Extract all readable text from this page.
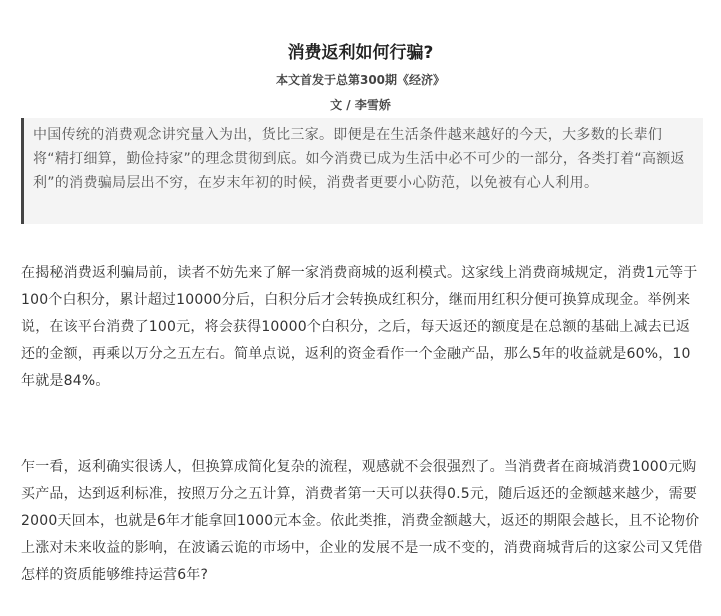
消费返利如何行骗?
本文首发于总第300期《经济》
文 / 李雪娇
中国传统的消费观念讲究量入为出，货比三家。即便是在生活条件越来越好的今天，大多数的长辈们将“精打细算，勤俭持家”的理念贯彻到底。如今消费已成为生活中必不可少的一部分，各类打着“高额返利”的消费骗局层出不穷，在岁末年初的时候，消费者更要小心防范，以免被有心人利用。

在揭秘消费返利骗局前，读者不妨先来了解一家消费商城的返利模式。这家线上消费商城规定，消费1元等于100个白积分，累计超过10000分后，白积分后才会转换成红积分，继而用红积分便可换算成现金。举例来说，在该平台消费了100元，将会获得10000个白积分，之后，每天返还的额度是在总额的基础上减去已返还的金额，再乘以万分之五左右。简单点说，返利的资金看作一个金融产品，那么5年的收益就是60%，10年就是84%。

乍一看，返利确实很诱人，但换算成简化复杂的流程，观感就不会很强烈了。当消费者在商城消费1000元购买产品，达到返利标准，按照万分之五计算，消费者第一天可以获得0.5元，随后返还的金额越来越少，需要2000天回本，也就是6年才能拿回1000元本金。依此类推，消费金额越大，返还的期限会越长，且不论物价上涨对未来收益的影响，在波谲云诡的市场中，企业的发展不是一成不变的，消费商城背后的这家公司又凭借怎样的资质能够维持运营6年?
